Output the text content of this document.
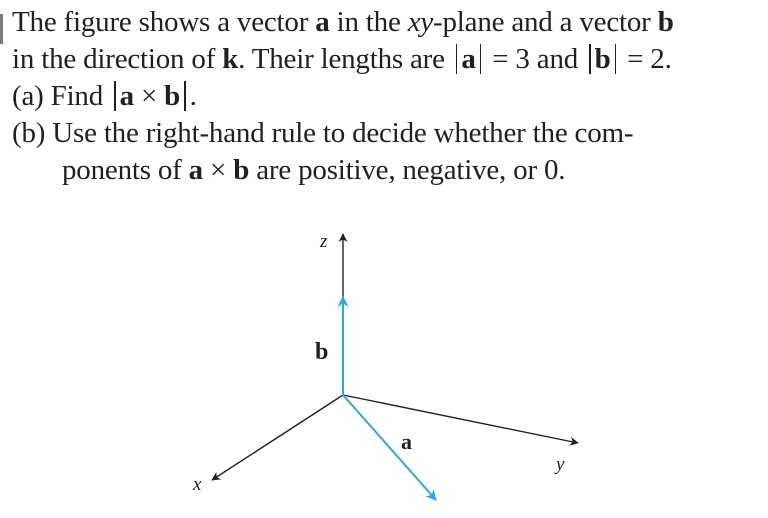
The figure shows a vector a in the xy-plane and a vector b

in the direction of k. Their lengths are ‖ a ‖ = 3 and ‖ b ‖ = 2.

(a) Find ‖ a × b ‖ .

(b) Use the right-hand rule to decide whether the com-

ponents of a × b are positive, negative, or 0.

z
x
y
b
a
